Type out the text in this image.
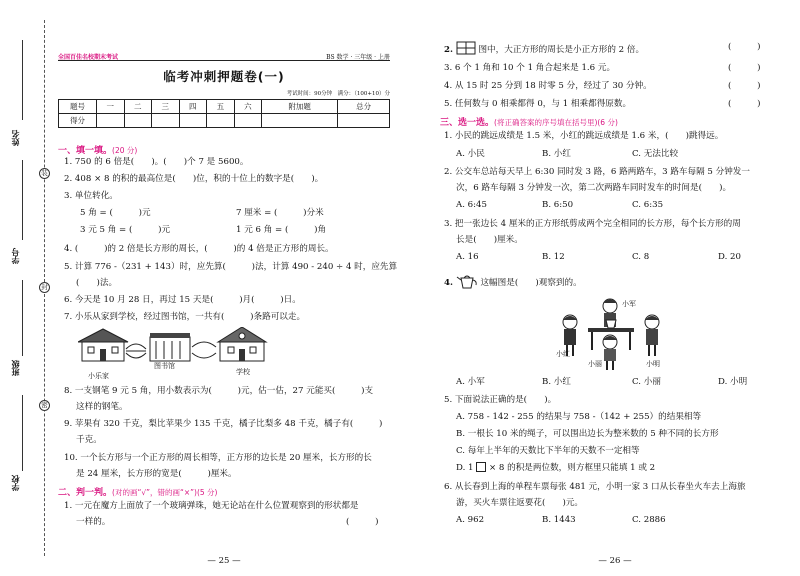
姓名
学号
班级
学校
装
封
密
全国百佳名校期末考试	BS 数学 · 三年级 · 上册
临考冲刺押题卷(一)
考试时间：90分钟　满分：（100+10）分
题号	一	二	三	四	五	六	附加题	总分
得分								
一、填一填。(20 分)
1. 750 的 6 倍是(　　)。(　　)个 7 是 5600。
2. 408 × 8 的积的最高位是(　　)位，积的十位上的数字是(　　)。
3. 单位转化。
5 角 = (　　　)元	7 厘米 = (　　　)分米
3 元 5 角 = (　　　)元	1 元 6 角 = (　　　)角
4. (　　　)的 2 倍是长方形的周长，(　　　)的 4 倍是正方形的周长。
5. 计算 776 -（231 + 143）时，应先算(　　　)法，计算 490 - 240 ÷ 4 时，应先算
(　　)法。
6. 今天是 10 月 28 日，再过 15 天是(　　　)月(　　　)日。
7. 小乐从家到学校，经过图书馆，一共有(　　　)条路可以走。
小乐家
图书馆
学校
8. 一支钢笔 9 元 5 角，用小数表示为(　　　)元，估一估，27 元能买(　　　)支
这样的钢笔。
9. 苹果有 320 千克，梨比苹果少 135 千克，橘子比梨多 48 千克，橘子有(　　　)
千克。
10. 一个长方形与一个正方形的周长相等，正方形的边长是 20 厘米，长方形的长
是 24 厘米，长方形的宽是(　　　)厘米。
二、判一判。(对的画“√”，错的画“×”)(5 分)
1. 一元在魔方上面放了一个玻璃弹珠，她无论站在什么位置观察到的形状都是
一样的。	(　　　)
— 25 —
2.	图中，大正方形的周长是小正方形的 2 倍。	(　　　)
3. 6 个 1 角和 10 个 1 角合起来是 1.6 元。	(　　　)
4. 从 15 时 25 分到 18 时零 5 分，经过了 30 分钟。	(　　　)
5. 任何数与 0 相乘都得 0，与 1 相乘都得原数。	(　　　)
三、选一选。(将正确答案的序号填在括号里)(6 分)
1. 小民的跳远成绩是 1.5 米，小红的跳远成绩是 1.6 米，(　　)跳得远。
A. 小民	B. 小红	C. 无法比较
2. 公交车总站每天早上 6:30 同时发 3 路，6 路两路车，3 路车每隔 5 分钟发一
次，6 路车每隔 3 分钟发一次，第二次两路车同时发车的时间是(　　)。
A. 6:45	B. 6:50	C. 6:35
3. 把一张边长 4 厘米的正方形纸剪成两个完全相同的长方形，每个长方形的周
长是(　　)厘米。
A. 16	B. 12	C. 8	D. 20
4.	这幅图是(　　)观察到的。
小军
小红
小丽	小明
A. 小军	B. 小红	C. 小丽	D. 小明
5. 下面说法正确的是(　　)。
A. 758 - 142 - 255 的结果与 758 -（142 + 255）的结果相等
B. 一根长 10 米的绳子，可以围出边长为整米数的 5 种不同的长方形
C. 每年上半年的天数比下半年的天数不一定相等
D. 1 × 8 的积是两位数，则方框里只能填 1 或 2
6. 从长春到上海的单程车票每张 481 元，小明一家 3 口从长春坐火车去上海旅
游，买火车票往返要花(　　)元。
A. 962	B. 1443	C. 2886
— 26 —
